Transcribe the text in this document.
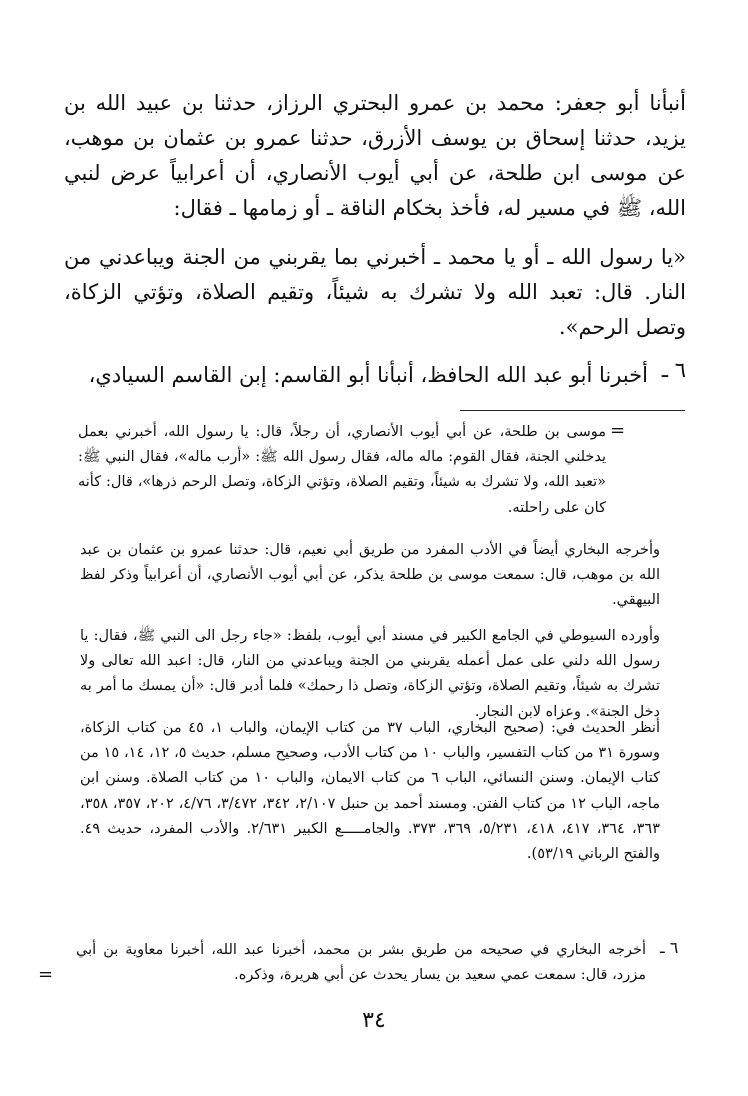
أنبأنا أبو جعفر: محمد بن عمرو البحتري الرزاز، حدثنا بن عبيد الله بن يزيد، حدثنا إسحاق بن يوسف الأزرق، حدثنا عمرو بن عثمان بن موهب، عن موسى ابن طلحة، عن أبي أيوب الأنصاري، أن أعرابياً عرض لنبي الله، ﷺ في مسير له، فأخذ بخكام الناقة ـ أو زمامها ـ فقال:

«يا رسول الله ـ أو يا محمد ـ أخبرني بما يقربني من الجنة ويباعدني من النار. قال: تعبد الله ولا تشرك به شيئاً، وتقيم الصلاة، وتؤتي الزكاة، وتصل الرحم».

٦ ـ

أخبرنا أبو عبد الله الحافظ، أنبأنا أبو القاسم: إبن القاسم السيادي،

=

موسى بن طلحة، عن أبي أيوب الأنصاري، أن رجلاً، قال: يا رسول الله، أخبرني بعمل يدخلني الجنة، فقال القوم: ماله ماله، فقال رسول الله ﷺ: «أرب ماله»، فقال النبي ﷺ: «تعبد الله، ولا تشرك به شيئاً، وتقيم الصلاة، وتؤتي الزكاة، وتصل الرحم ذرها»، قال: كأنه كان على راحلته.

وأخرجه البخاري أيضاً في الأدب المفرد من طريق أبي نعيم، قال: حدثنا عمرو بن عثمان بن عبد الله بن موهب، قال: سمعت موسى بن طلحة يذكر، عن أبي أيوب الأنصاري، أن أعرابياً وذكر لفظ البيهقي.

وأورده السيوطي في الجامع الكبير في مسند أبي أيوب، بلفظ: «جاء رجل الى النبي ﷺ، فقال: يا رسول الله دلني على عمل أعمله يقربني من الجنة ويباعدني من النار، قال: اعبد الله تعالى ولا تشرك به شيئاً، وتقيم الصلاة، وتؤتي الزكاة، وتصل ذا رحمك» فلما أدبر قال: «أن يمسك ما أمر به دخل الجنة». وعزاه لابن النجار.

أنظر الحديث في: (صحيح البخاري، الباب ٣٧ من كتاب الإيمان، والباب ١، ٤٥ من كتاب الزكاة، وسورة ٣١ من كتاب التفسير، والباب ١٠ من كتاب الأدب، وصحيح مسلم، حديث ٥، ١٢، ١٤، ١٥ من كتاب الإيمان. وسنن النسائي، الباب ٦ من كتاب الايمان، والباب ١٠ من كتاب الصلاة. وسنن ابن ماجه، الباب ١٢ من كتاب الفتن. ومسند أحمد بن حنبل ٢/١٠٧، ٣٤٢، ٣/٤٧٢، ٤/٧٦، ٢٠٢، ٣٥٧، ٣٥٨، ٣٦٣، ٣٦٤، ٤١٧، ٤١٨، ٥/٢٣١، ٣٦٩، ٣٧٣. والجامـــــع الكبير ٢/٦٣١. والأدب المفرد، حديث ٤٩. والفتح الرباني ٥٣/١٩).

٦ ـ

أخرجه البخاري في صحيحه من طريق بشر بن محمد، أخبرنا عبد الله، أخبرنا معاوية بن أبي مزرد، قال: سمعت عمي سعيد بن يسار يحدث عن أبي هريرة، وذكره.

=
٣٤
